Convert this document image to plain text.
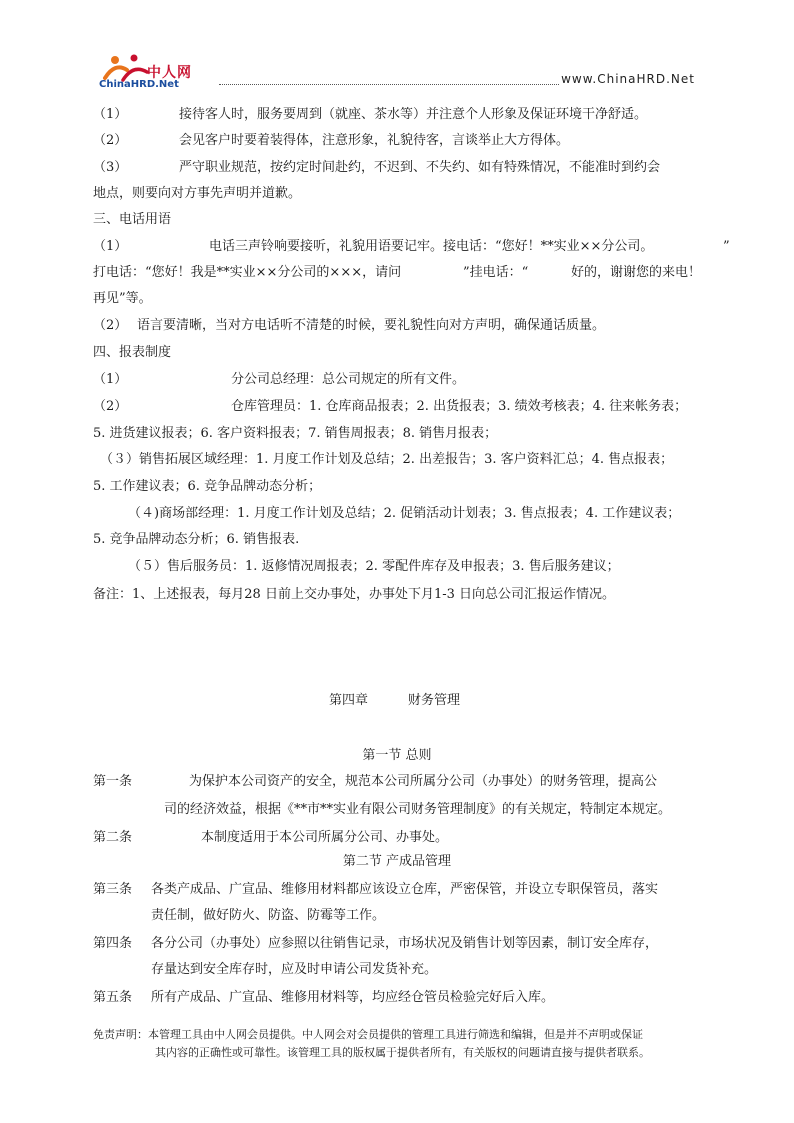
中人网
ChinaHRD.Net	www.ChinaHRD.Net
（1）	接待客人时，服务要周到（就座、茶水等）并注意个人形象及保证环境干净舒适。
（2）	会见客户时要着装得体，注意形象，礼貌待客，言谈举止大方得体。
（3）	严守职业规范，按约定时间赴约，不迟到、不失约、如有特殊情况，不能准时到约会
地点，则要向对方事先声明并道歉。
三、电话用语
（1）	电话三声铃响要接听，礼貌用语要记牢。接电话：“您好！**实业××分公司。	”
打电话：“您好！我是**实业××分公司的×××，请问	”挂电话：“	好的，谢谢您的来电！
再见”等。
（2） 语言要清晰，当对方电话听不清楚的时候，要礼貌性向对方声明，确保通话质量。
四、报表制度
（1）	分公司总经理：总公司规定的所有文件。
（2）	仓库管理员：1. 仓库商品报表；2. 出货报表；3. 绩效考核表；4. 往来帐务表；
5. 进货建议报表；6. 客户资料报表；7. 销售周报表；8. 销售月报表；
（３）销售拓展区域经理：1. 月度工作计划及总结；2. 出差报告；3. 客户资料汇总；4. 售点报表；
5. 工作建议表；6. 竞争品牌动态分析；
（４)商场部经理：1. 月度工作计划及总结；2. 促销活动计划表；3. 售点报表；4. 工作建议表；
5. 竞争品牌动态分析；6. 销售报表.
（５）售后服务员：1. 返修情况周报表；2. 零配件库存及申报表；3. 售后服务建议；
备注：1、上述报表，每月28 日前上交办事处，办事处下月1-3 日向总公司汇报运作情况。
第四章	财务管理
第一节 总则
第一条	为保护本公司资产的安全，规范本公司所属分公司（办事处）的财务管理，提高公
司的经济效益，根据《**市**实业有限公司财务管理制度》的有关规定，特制定本规定。
第二条	本制度适用于本公司所属分公司、办事处。
第二节 产成品管理
第三条 各类产成品、广宣品、维修用材料都应该设立仓库，严密保管，并设立专职保管员，落实
责任制，做好防火、防盗、防霉等工作。
第四条 各分公司（办事处）应参照以往销售记录，市场状况及销售计划等因素，制订安全库存，
存量达到安全库存时，应及时申请公司发货补充。
第五条 所有产成品、广宣品、维修用材料等，均应经仓管员检验完好后入库。
免责声明：本管理工具由中人网会员提供。中人网会对会员提供的管理工具进行筛选和编辑，但是并不声明或保证
其内容的正确性或可靠性。该管理工具的版权属于提供者所有，有关版权的问题请直接与提供者联系。
